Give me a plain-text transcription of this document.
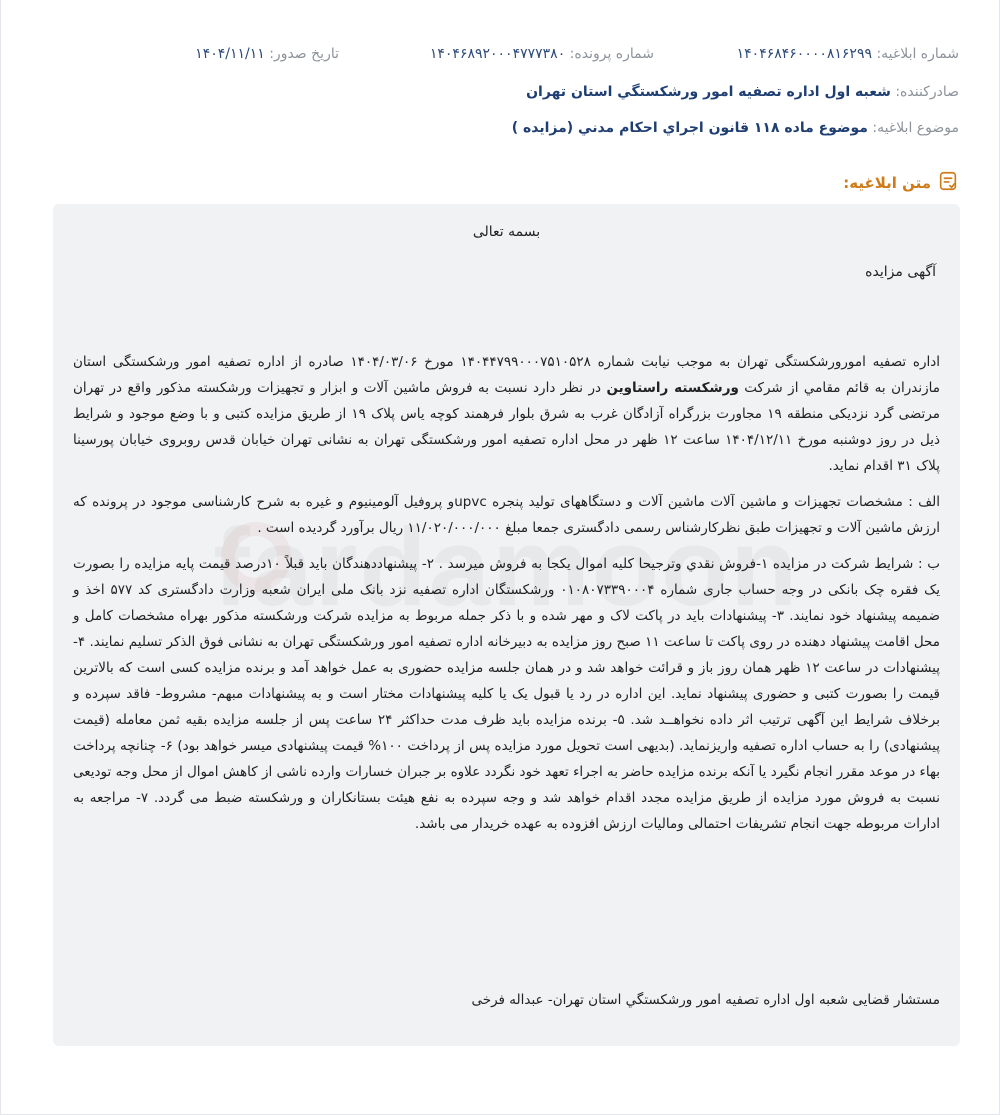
شماره ابلاغیه: ۱۴۰۴۶۸۴۶۰۰۰۰۸۱۶۲۹۹
شماره پرونده: ۱۴۰۴۶۸۹۲۰۰۰۴۷۷۷۳۸۰
تاریخ صدور: ۱۴۰۴/۱۱/۱۱
صادرکننده: شعبه اول اداره تصفیه امور ورشکستگي استان تهران
موضوع ابلاغیه: موضوع ماده ۱۱۸ قانون اجراي احكام مدني (مزايده )
متن ابلاغیه:
بسمه تعالی
آگهی مزایده

اداره تصفیه امورورشکستگی تهران به موجب نیابت شماره ۱۴۰۴۴۷۹۹۰۰۰۷۵۱۰۵۲۸ مورخ ۱۴۰۴/۰۳/۰۶ صادره از اداره تصفیه امور ورشکستگی استان مازندران به قائم مقامي از شرکت ورشکسته راستاوین در نظر دارد نسبت به فروش ماشین آلات و ابزار و تجهیزات ورشکسته مذکور واقع در تهران مرتضی گرد نزدیکی منطقه ۱۹ مجاورت بزرگراه آزادگان غرب به شرق بلوار فرهمند کوچه یاس پلاک ۱۹ از طریق مزایده کتبی و با وضع موجود و شرایط ذیل در روز دوشنبه مورخ ۱۴۰۴/۱۲/۱۱ ساعت ۱۲ ظهر در محل اداره تصفیه امور ورشکستگی تهران به نشانی تهران خیابان قدس روبروی خیابان پورسینا پلاک ۳۱ اقدام نماید.

الف : مشخصات تجهیزات و ماشین آلات ماشین آلات و دستگاههای تولید پنجره upvcو پروفیل آلومینیوم و غیره به شرح کارشناسی موجود در پرونده که ارزش ماشین آلات و تجهیزات طبق نظرکارشناس رسمی دادگستری جمعا مبلغ ۱۱/۰۲۰/۰۰۰/۰۰۰ ریال برآورد گردیده است .

ب : شرایط شرکت در مزایده ۱-فروش نقدي وترجیحا کلیه اموال یکجا به فروش میرسد . ۲- پیشنهاددهندگان باید قبلاً ۱۰درصد قیمت پایه مزایده را بصورت یک فقره چک بانکی در وجه حساب جاری شماره ۰۱۰۸۰۷۳۳۹۰۰۰۴ ورشکستگان اداره تصفیه نزد بانک ملی ایران شعبه وزارت دادگستری کد ۵۷۷ اخذ و ضمیمه پیشنهاد خود نمایند. ۳- پیشنهادات باید در پاکت لاک و مهر شده و با ذکر جمله مربوط به مزایده شرکت ورشکسته مذکور بهراه مشخصات کامل و محل اقامت پیشنهاد دهنده در روی پاکت تا ساعت ۱۱ صبح روز مزایده به دبیرخانه اداره تصفیه امور ورشکستگی تهران به نشانی فوق الذکر تسلیم نمایند. ۴- پیشنهادات در ساعت ۱۲ ظهر همان روز باز و قرائت خواهد شد و در همان جلسه مزایده حضوری به عمل خواهد آمد و برنده مزایده کسی است که بالاترین قیمت را بصورت کتبی و حضوری پیشنهاد نماید. این اداره در رد یا قبول یک یا کلیه پیشنهادات مختار است و به پیشنهادات مبهم- مشروط- فاقد سپرده و برخلاف شرایط این آگهی ترتیب اثر داده نخواهــد شد. ۵- برنده مزایده باید ظرف مدت حداکثر ۲۴ ساعت پس از جلسه مزایده بقیه ثمن معامله (قیمت پیشنهادی) را به حساب اداره تصفیه واریزنماید. (بدیهی است تحویل مورد مزایده پس از پرداخت ۱۰۰% قیمت پیشنهادی میسر خواهد بود) ۶- چنانچه پرداخت بهاء در موعد مقرر انجام نگیرد یا آنکه برنده مزایده حاضر به اجراء تعهد خود نگردد علاوه بر جبران خسارات وارده ناشی از کاهش اموال از محل وجه تودیعی نسبت به فروش مورد مزایده از طریق مزایده مجدد اقدام خواهد شد و وجه سپرده به نفع هیئت بستانکاران و ورشکسته ضبط می گردد. ۷- مراجعه به ادارات مربوطه جهت انجام تشریفات احتمالی ومالیات ارزش افزوده به عهده خریدار می باشد.

مستشار قضایی شعبه اول اداره تصفیه امور ورشکستگي استان تهران- عبداله فرخی
